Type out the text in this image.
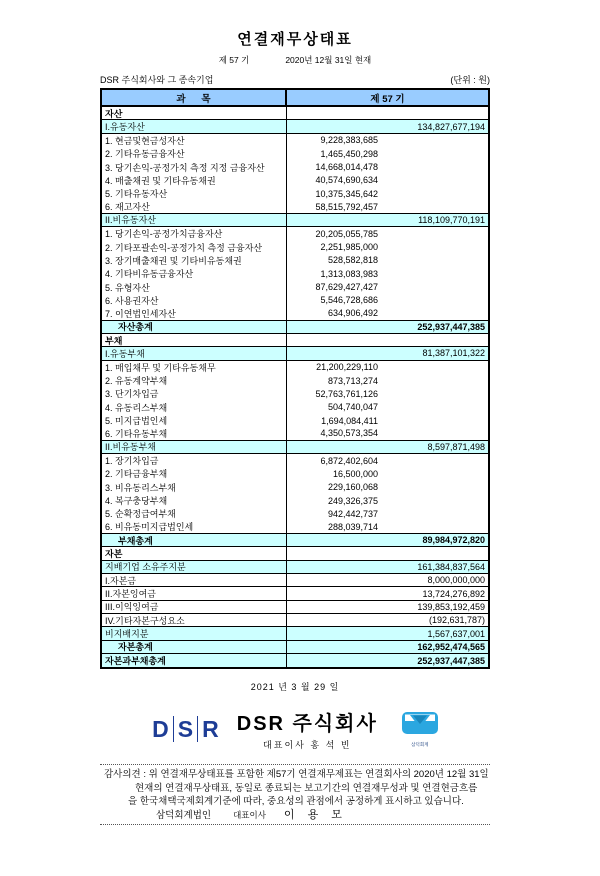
연결재무상태표
제 57 기	2020년 12월 31일 현재
DSR 주식회사와 그 종속기업	(단위 : 원)
과      목	제 57 기
자산
I.유동자산	134,827,677,194
1. 현금및현금성자산	9,228,383,685
2. 기타유동금융자산	1,465,450,298
3. 당기손익-공정가치 측정 지정 금융자산	14,668,014,478
4. 매출채권 및 기타유동채권	40,574,690,634
5. 기타유동자산	10,375,345,642
6. 재고자산	58,515,792,457
II.비유동자산	118,109,770,191
1. 당기손익-공정가치금융자산	20,205,055,785
2. 기타포괄손익-공정가치 측정 금융자산	2,251,985,000
3. 장기매출채권 및 기타비유동채권	528,582,818
4. 기타비유동금융자산	1,313,083,983
5. 유형자산	87,629,427,427
6. 사용권자산	5,546,728,686
7. 이연법인세자산	634,906,492
자산총계	252,937,447,385
부채
I.유동부채	81,387,101,322
1. 매입채무 및 기타유동채무	21,200,229,110
2. 유동계약부채	873,713,274
3. 단기차입금	52,763,761,126
4. 유동리스부채	504,740,047
5. 미지급법인세	1,694,084,411
6. 기타유동부채	4,350,573,354
II.비유동부채	8,597,871,498
1. 장기차입금	6,872,402,604
2. 기타금융부채	16,500,000
3. 비유동리스부채	229,160,068
4. 복구충당부채	249,326,375
5. 순확정급여부채	942,442,737
6. 비유동미지급법인세	288,039,714
부채총계	89,984,972,820
자본
지배기업 소유주지분	161,384,837,564
I.자본금	8,000,000,000
II.자본잉여금	13,724,276,892
III.이익잉여금	139,853,192,459
IV.기타자본구성요소	(192,631,787)
비지배지분	1,567,637,001
자본총계	162,952,474,565
자본과부채총계	252,937,447,385
2021 년 3 월 29 일
D S R DSR 주식회사
대표이사 홍 석 빈	삼덕회계
감사의견 : 위 연결재무상태표를 포함한 제57기 연결재무제표는 연결회사의 2020년 12월 31일
현재의 연결재무상태표, 동일로 종료되는 보고기간의 연결재무성과 및 연결현금흐름
을 한국채택국제회계기준에 따라, 중요성의 관점에서 공정하게 표시하고 있습니다.
삼덕회계법인	대표이사 이 용 모
